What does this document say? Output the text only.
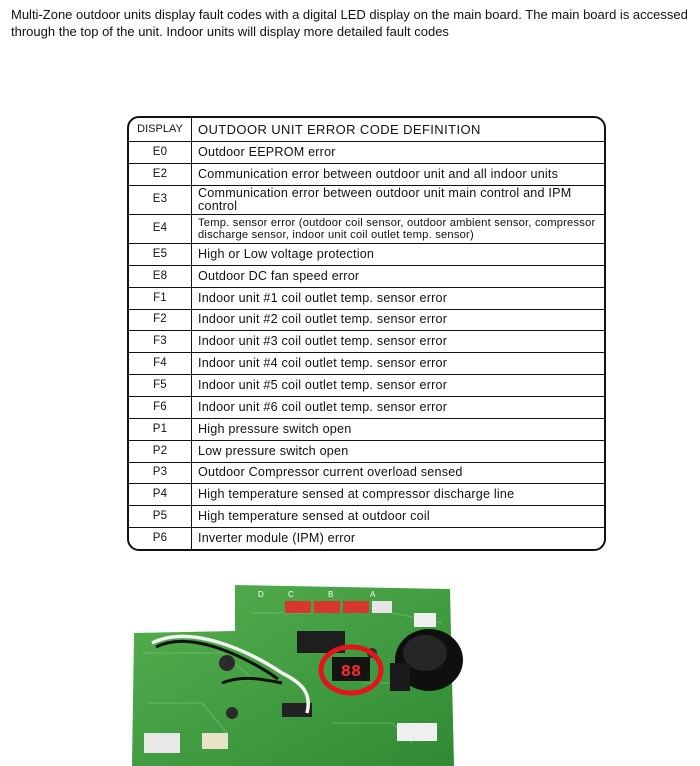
Multi-Zone outdoor units display fault codes with a digital LED display on the main board. The main board is accessed through the top of the unit. Indoor units will display more detailed fault codes
DISPLAY	OUTDOOR UNIT ERROR CODE DEFINITION
E0	Outdoor EEPROM error
E2	Communication error between outdoor unit and all indoor units
E3	Communication error between outdoor unit main control and IPM control
E4	Temp. sensor error (outdoor coil sensor, outdoor ambient sensor, compressor discharge sensor, indoor unit coil outlet temp. sensor)
E5	High or Low voltage protection
E8	Outdoor DC fan speed error
F1	Indoor unit #1 coil outlet temp. sensor error
F2	Indoor unit #2 coil outlet temp. sensor error
F3	Indoor unit #3 coil outlet temp. sensor error
F4	Indoor unit #4 coil outlet temp. sensor error
F5	Indoor unit #5 coil outlet temp. sensor error
F6	Indoor unit #6 coil outlet temp. sensor error
P1	High pressure switch open
P2	Low pressure switch open
P3	Outdoor Compressor current overload sensed
P4	High temperature sensed at compressor discharge line
P5	High temperature sensed at outdoor coil
P6	Inverter module (IPM) error
D	C	B	A
88
